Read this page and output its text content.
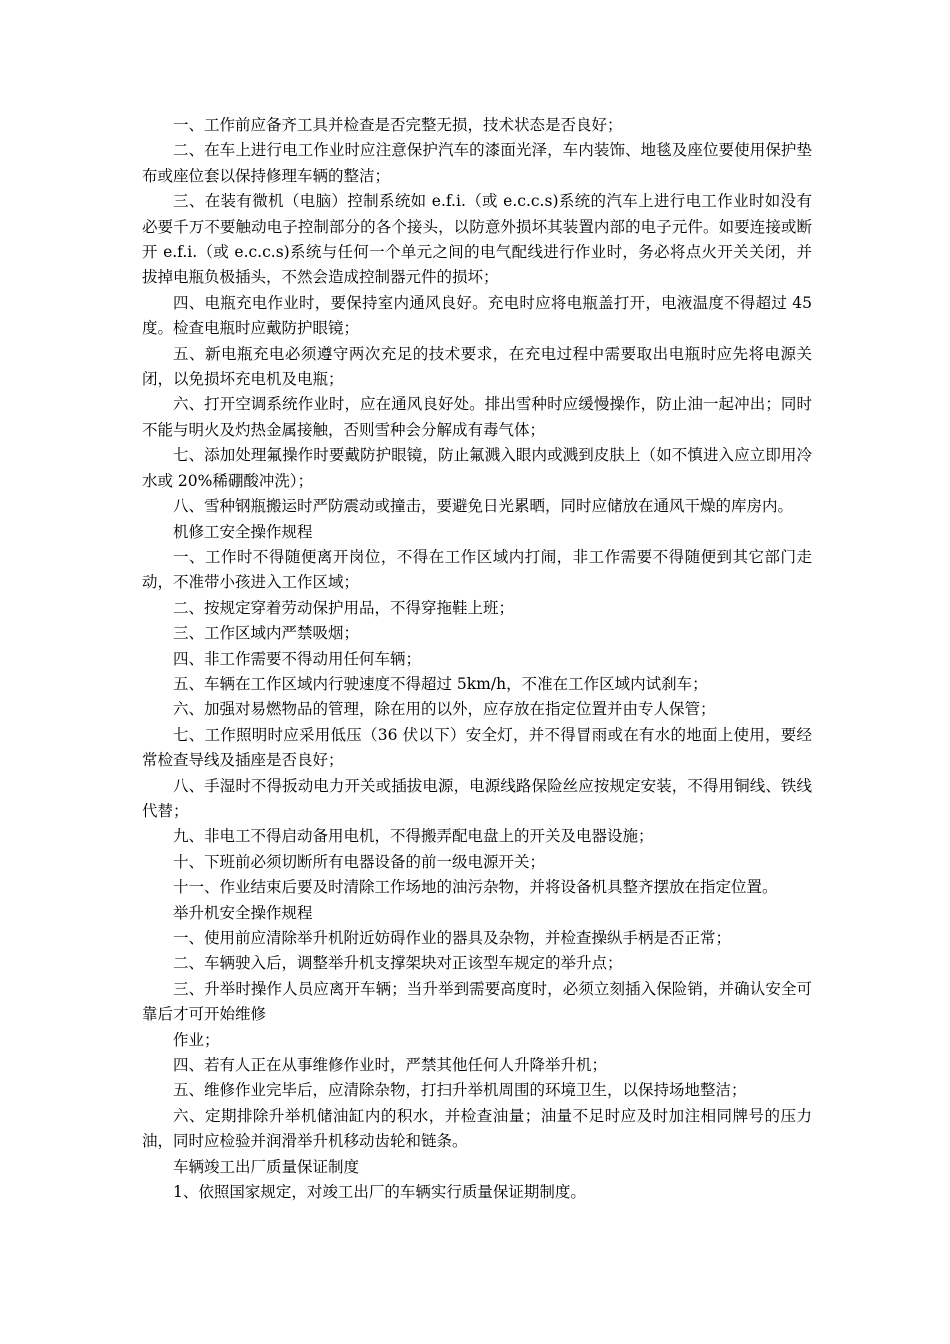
一、工作前应备齐工具并检查是否完整无损，技术状态是否良好；

二、在车上进行电工作业时应注意保护汽车的漆面光泽，车内装饰、地毯及座位要使用保护垫布或座位套以保持修理车辆的整洁；

三、在装有微机（电脑）控制系统如 e.f.i.（或 e.c.c.s)系统的汽车上进行电工作业时如没有必要千万不要触动电子控制部分的各个接头，以防意外损坏其装置内部的电子元件。如要连接或断开 e.f.i.（或 e.c.c.s)系统与任何一个单元之间的电气配线进行作业时，务必将点火开关关闭，并拔掉电瓶负极插头，不然会造成控制器元件的损坏；

四、电瓶充电作业时，要保持室内通风良好。充电时应将电瓶盖打开，电液温度不得超过 45 度。检查电瓶时应戴防护眼镜；

五、新电瓶充电必须遵守两次充足的技术要求，在充电过程中需要取出电瓶时应先将电源关闭，以免损坏充电机及电瓶；

六、打开空调系统作业时，应在通风良好处。排出雪种时应缓慢操作，防止油一起冲出；同时不能与明火及灼热金属接触，否则雪种会分解成有毒气体；

七、添加处理氟操作时要戴防护眼镜，防止氟溅入眼内或溅到皮肤上（如不慎进入应立即用冷水或 20%稀硼酸冲洗）；

八、雪种钢瓶搬运时严防震动或撞击，要避免日光累晒，同时应储放在通风干燥的库房内。

机修工安全操作规程

一、工作时不得随便离开岗位，不得在工作区域内打闹，非工作需要不得随便到其它部门走动，不准带小孩进入工作区域；

二、按规定穿着劳动保护用品，不得穿拖鞋上班；

三、工作区域内严禁吸烟；

四、非工作需要不得动用任何车辆；

五、车辆在工作区域内行驶速度不得超过 5km/h，不准在工作区域内试刹车；

六、加强对易燃物品的管理，除在用的以外，应存放在指定位置并由专人保管；

七、工作照明时应采用低压（36 伏以下）安全灯，并不得冒雨或在有水的地面上使用，要经常检查导线及插座是否良好；

八、手湿时不得扳动电力开关或插拔电源，电源线路保险丝应按规定安装，不得用铜线、铁线代替；

九、非电工不得启动备用电机，不得搬弄配电盘上的开关及电器设施；

十、下班前必须切断所有电器设备的前一级电源开关；

十一、作业结束后要及时清除工作场地的油污杂物，并将设备机具整齐摆放在指定位置。

举升机安全操作规程

一、使用前应清除举升机附近妨碍作业的器具及杂物，并检查操纵手柄是否正常；

二、车辆驶入后，调整举升机支撑架块对正该型车规定的举升点；

三、升举时操作人员应离开车辆；当升举到需要高度时，必须立刻插入保险销，并确认安全可靠后才可开始维修

作业；

四、若有人正在从事维修作业时，严禁其他任何人升降举升机；

五、维修作业完毕后，应清除杂物，打扫升举机周围的环境卫生，以保持场地整洁；

六、定期排除升举机储油缸内的积水，并检查油量；油量不足时应及时加注相同牌号的压力油，同时应检验并润滑举升机移动齿轮和链条。

车辆竣工出厂质量保证制度

1、依照国家规定，对竣工出厂的车辆实行质量保证期制度。
